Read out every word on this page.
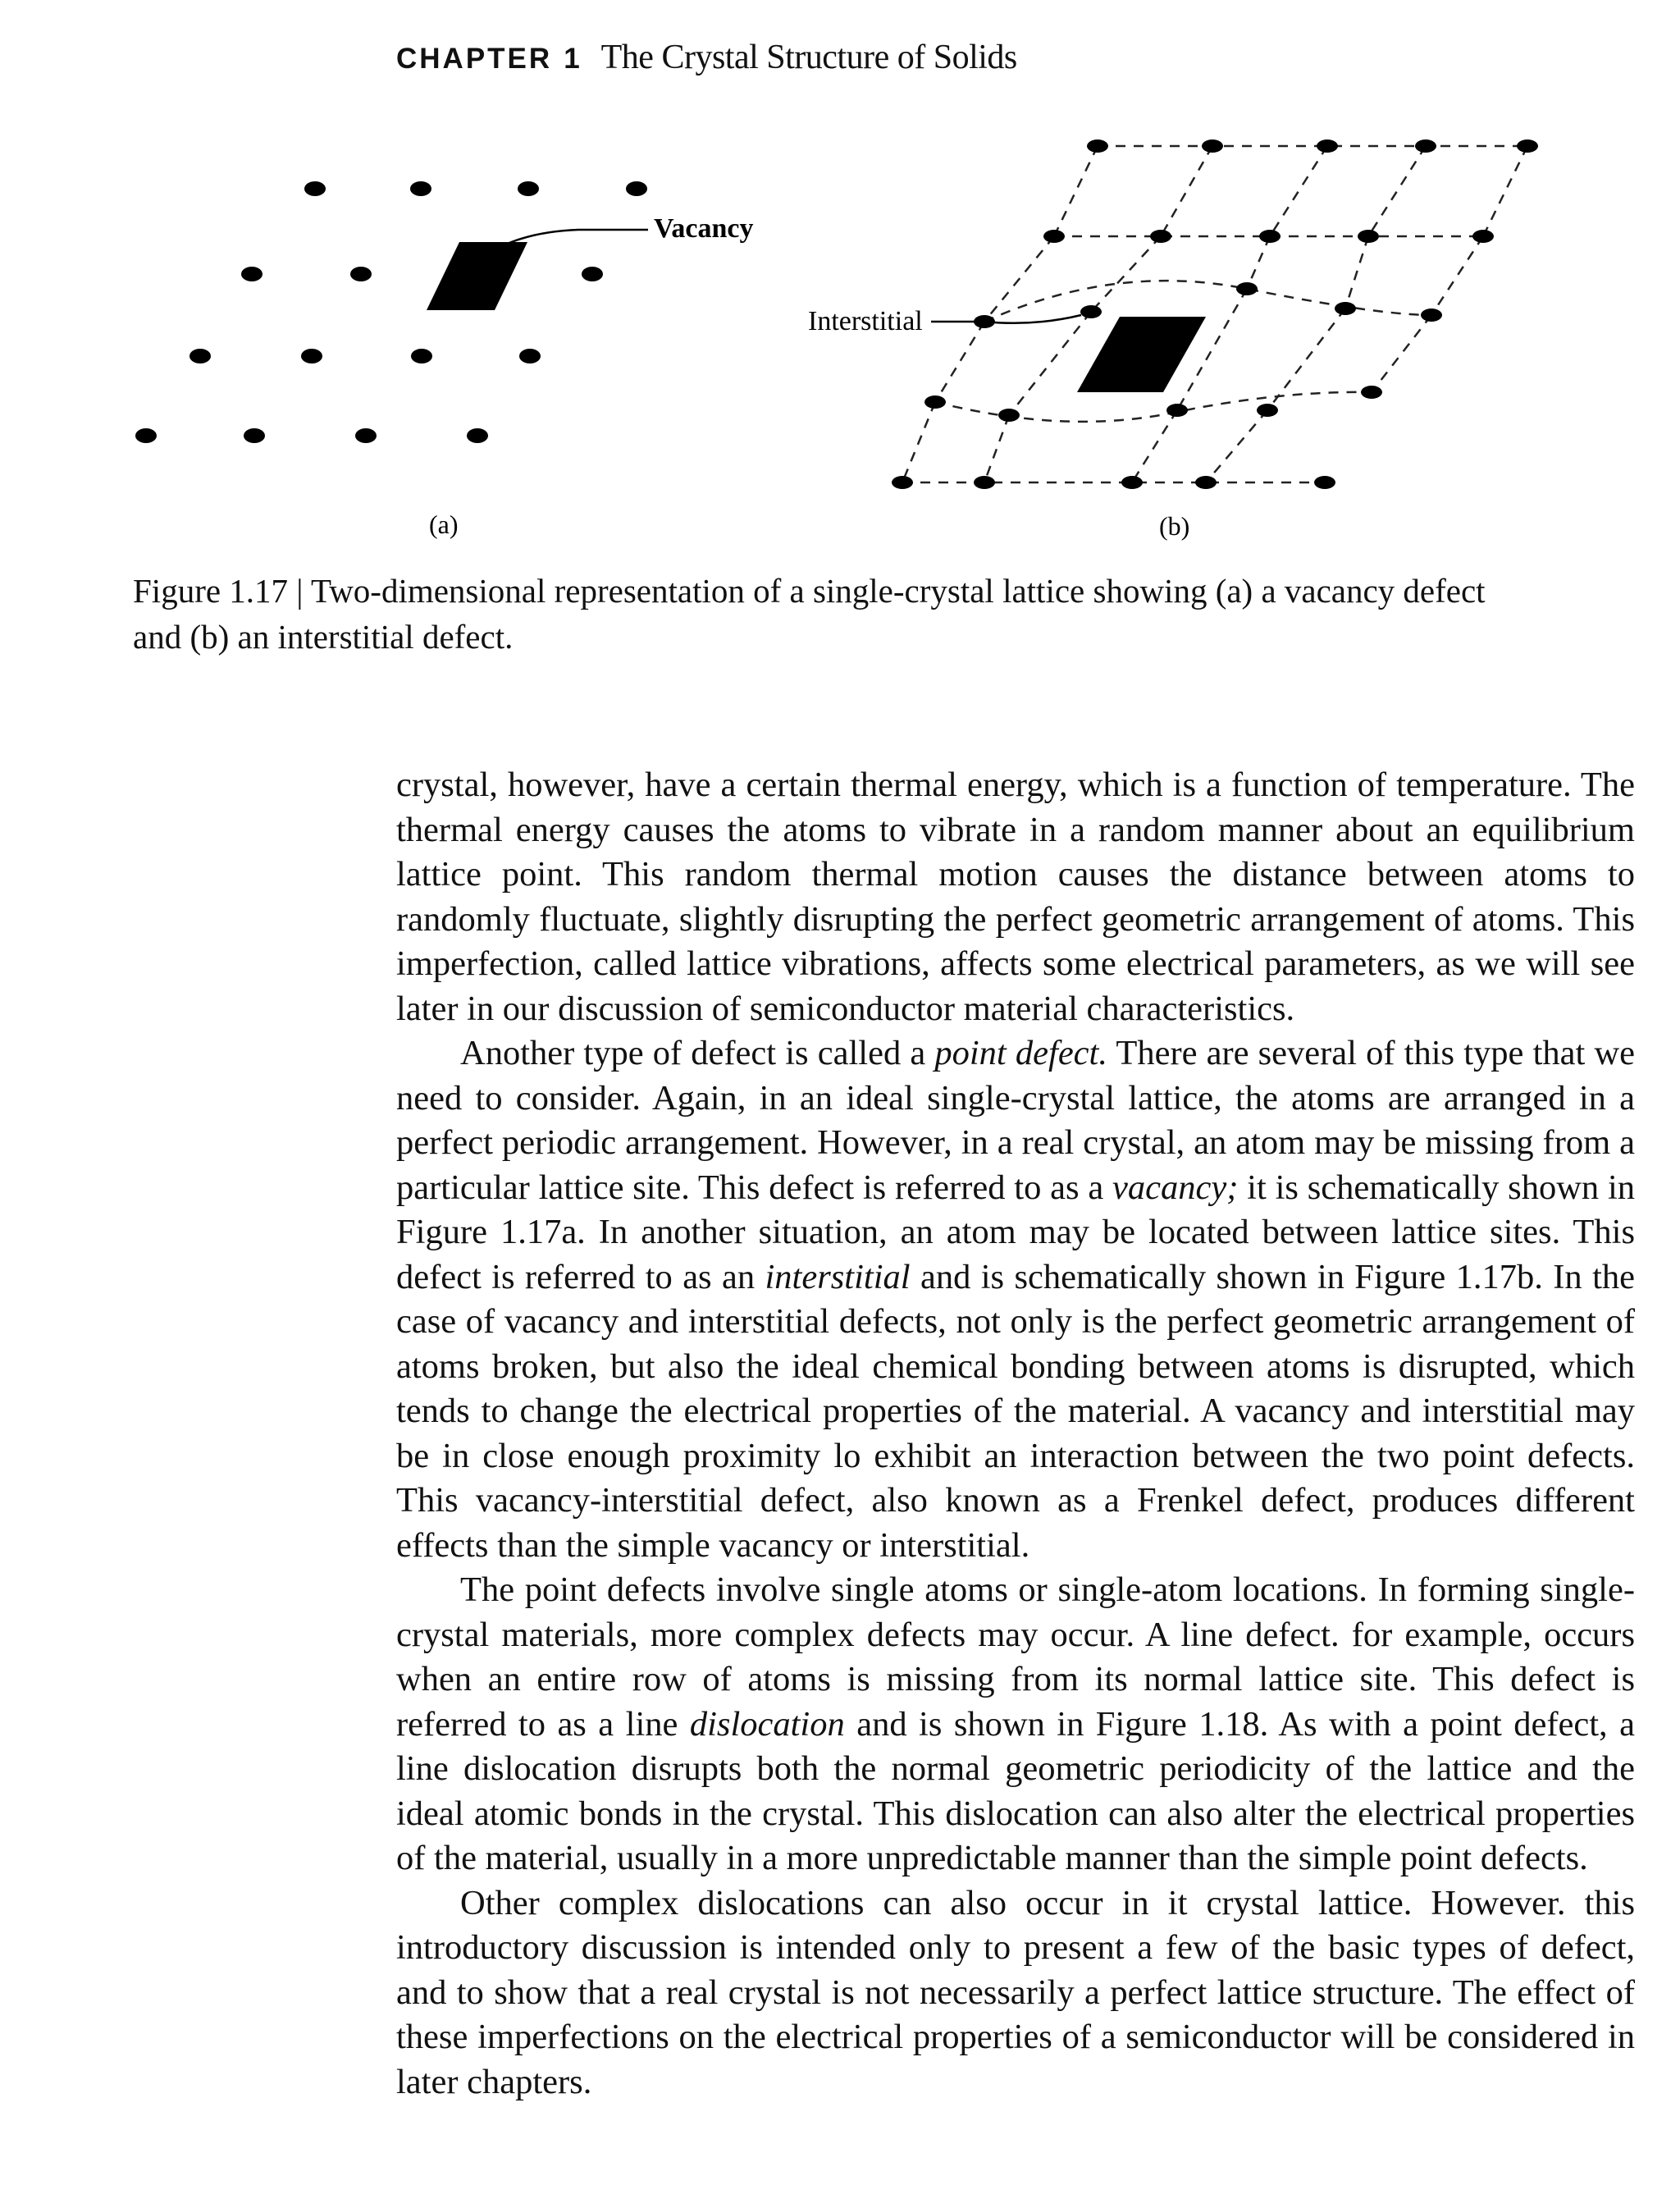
CHAPTER 1 The Crystal Structure of Solids
Vacancy
Interstitial
(a)	(b)
Figure 1.17 | Two-dimensional representation of a single-crystal lattice showing (a) a vacancy defect and (b) an interstitial defect.

crystal, however, have a certain thermal energy, which is a function of temperature. The thermal energy causes the atoms to vibrate in a random manner about an equilibrium lattice point. This random thermal motion causes the distance between atoms to randomly fluctuate, slightly disrupting the perfect geometric arrangement of atoms. This imperfection, called lattice vibrations, affects some electrical parameters, as we will see later in our discussion of semiconductor material characteristics.

Another type of defect is called a point defect. There are several of this type that we need to consider. Again, in an ideal single-crystal lattice, the atoms are arranged in a perfect periodic arrangement. However, in a real crystal, an atom may be missing from a particular lattice site. This defect is referred to as a vacancy; it is schematically shown in Figure 1.17a. In another situation, an atom may be located between lattice sites. This defect is referred to as an interstitial and is schematically shown in Figure 1.17b. In the case of vacancy and interstitial defects, not only is the perfect geometric arrangement of atoms broken, but also the ideal chemical bonding between atoms is disrupted, which tends to change the electrical properties of the material. A vacancy and interstitial may be in close enough proximity lo exhibit an interaction between the two point defects. This vacancy-interstitial defect, also known as a Frenkel defect, produces different effects than the simple vacancy or interstitial.

The point defects involve single atoms or single-atom locations. In forming single-crystal materials, more complex defects may occur. A line defect. for example, occurs when an entire row of atoms is missing from its normal lattice site. This defect is referred to as a line dislocation and is shown in Figure 1.18. As with a point defect, a line dislocation disrupts both the normal geometric periodicity of the lattice and the ideal atomic bonds in the crystal. This dislocation can also alter the electrical properties of the material, usually in a more unpredictable manner than the simple point defects.

Other complex dislocations can also occur in it crystal lattice. However. this introductory discussion is intended only to present a few of the basic types of defect, and to show that a real crystal is not necessarily a perfect lattice structure. The effect of these imperfections on the electrical properties of a semiconductor will be considered in later chapters.
